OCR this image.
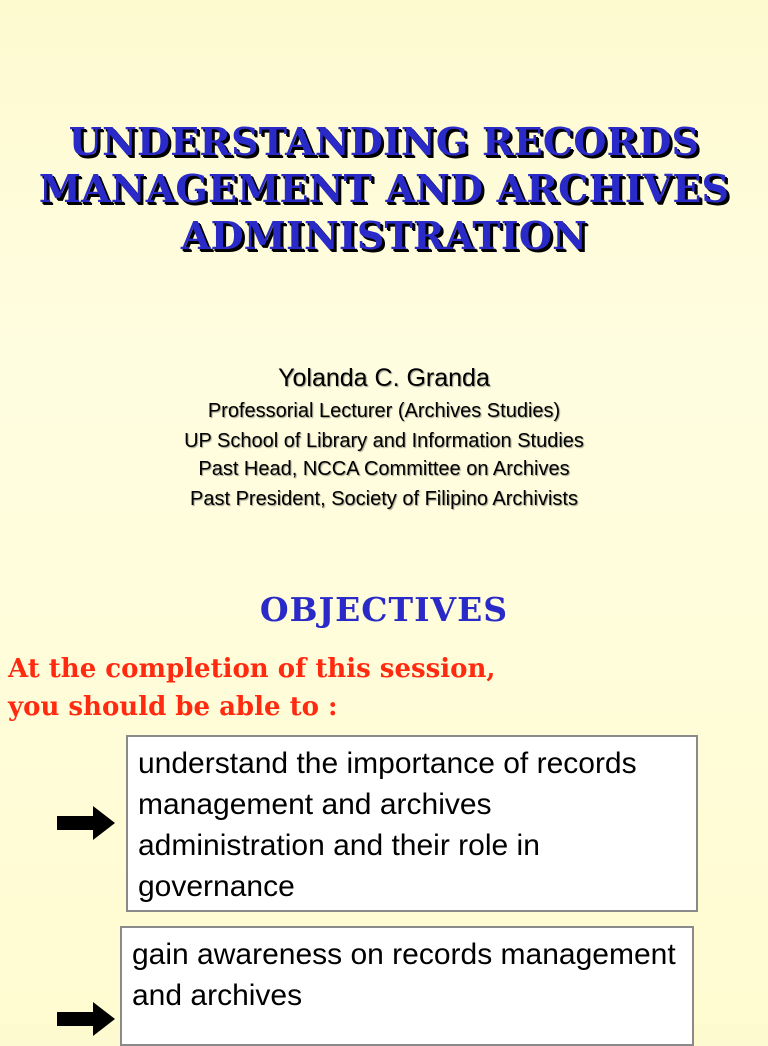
UNDERSTANDING RECORDS
MANAGEMENT AND ARCHIVES
ADMINISTRATION
Yolanda C. Granda
Professorial Lecturer (Archives Studies)
UP School of Library and Information Studies
Past Head, NCCA Committee on Archives
Past President, Society of Filipino Archivists
OBJECTIVES
At the completion of this session,
you should be able to :
understand the importance of records management and archives administration and their role in governance
gain awareness on records management and archives
